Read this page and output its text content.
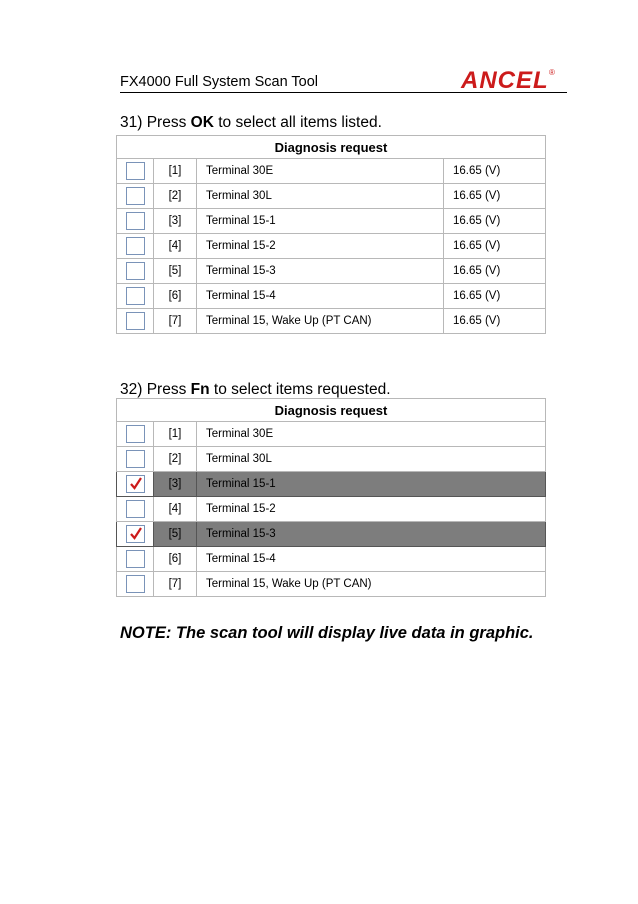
FX4000 Full System Scan Tool	ANCEL ®
31) Press OK to select all items listed.
Diagnosis request			
	[1]	Terminal 30E	16.65 (V)
	[2]	Terminal 30L	16.65 (V)
	[3]	Terminal 15-1	16.65 (V)
	[4]	Terminal 15-2	16.65 (V)
	[5]	Terminal 15-3	16.65 (V)
	[6]	Terminal 15-4	16.65 (V)
	[7]	Terminal 15, Wake Up (PT CAN)	16.65 (V)
32) Press Fn to select items requested.
Diagnosis request		
	[1]	Terminal 30E
	[2]	Terminal 30L

	[3]	Terminal 15-1
	[4]	Terminal 15-2

	[5]	Terminal 15-3
	[6]	Terminal 15-4
	[7]	Terminal 15, Wake Up (PT CAN)
NOTE: The scan tool will display live data in graphic.
